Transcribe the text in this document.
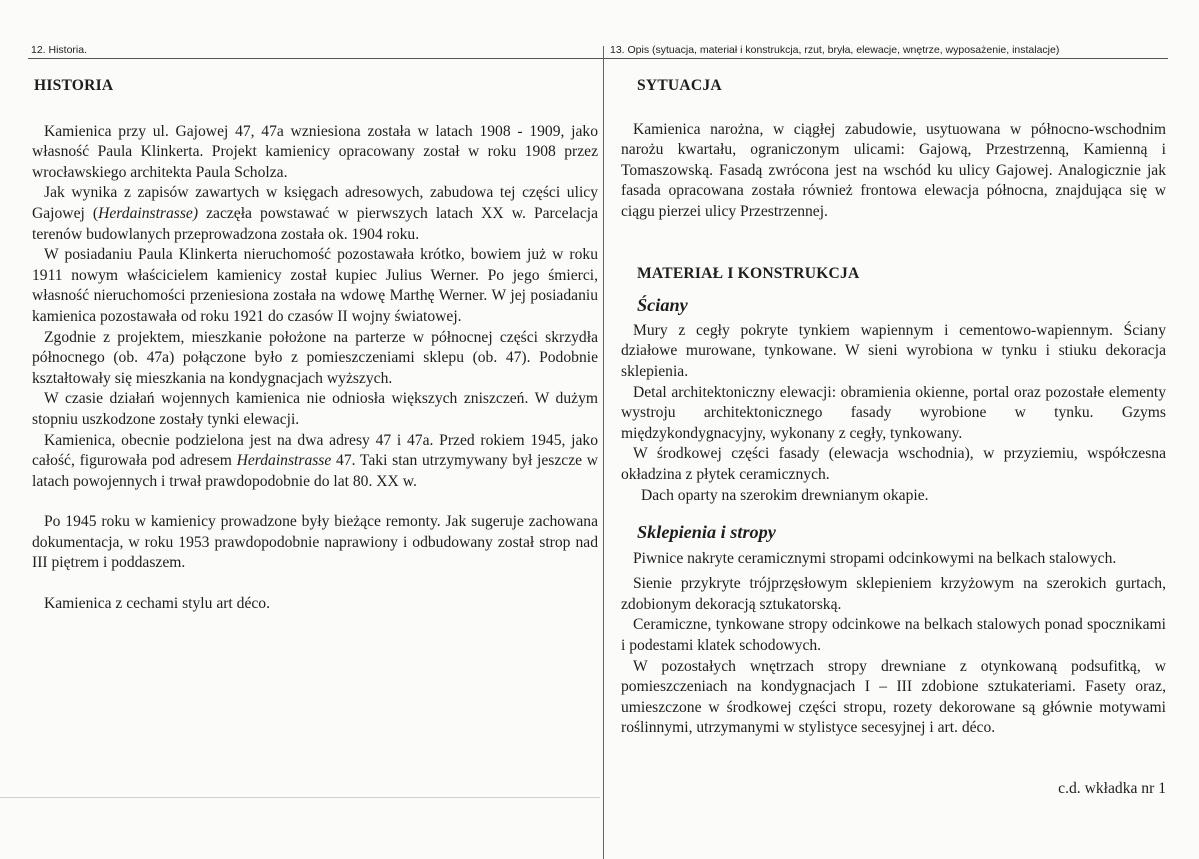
12. Historia.	13. Opis (sytuacja, materiał i konstrukcja, rzut, bryła, elewacje, wnętrze, wyposażenie, instalacje)
HISTORIA

Kamienica przy ul. Gajowej 47, 47a wzniesiona została w latach 1908 - 1909, jako własność Paula Klinkerta. Projekt kamienicy opracowany został w roku 1908 przez wrocławskiego architekta Paula Scholza.

Jak wynika z zapisów zawartych w księgach adresowych, zabudowa tej części ulicy Gajowej (Herdainstrasse) zaczęła powstawać w pierwszych latach XX w. Parcelacja terenów budowlanych przeprowadzona została ok. 1904 roku.

W posiadaniu Paula Klinkerta nieruchomość pozostawała krótko, bowiem już w roku 1911 nowym właścicielem kamienicy został kupiec Julius Werner. Po jego śmierci, własność nieruchomości przeniesiona została na wdowę Marthę Werner. W jej posiadaniu kamienica pozostawała od roku 1921 do czasów II wojny światowej.

Zgodnie z projektem, mieszkanie położone na parterze w północnej części skrzydła północnego (ob. 47a) połączone było z pomieszczeniami sklepu (ob. 47). Podobnie kształtowały się mieszkania na kondygnacjach wyższych.

W czasie działań wojennych kamienica nie odniosła większych zniszczeń. W dużym stopniu uszkodzone zostały tynki elewacji.

Kamienica, obecnie podzielona jest na dwa adresy 47 i 47a. Przed rokiem 1945, jako całość, figurowała pod adresem Herdainstrasse 47. Taki stan utrzymywany był jeszcze w latach powojennych i trwał prawdopodobnie do lat 80. XX w.

Po 1945 roku w kamienicy prowadzone były bieżące remonty. Jak sugeruje zachowana dokumentacja, w roku 1953 prawdopodobnie naprawiony i odbudowany został strop nad III piętrem i poddaszem.

Kamienica z cechami stylu art déco.

SYTUACJA

Kamienica narożna, w ciągłej zabudowie, usytuowana w północno-wschodnim narożu kwartału, ograniczonym ulicami: Gajową, Przestrzenną, Kamienną i Tomaszowską. Fasadą zwrócona jest na wschód ku ulicy Gajowej. Analogicznie jak fasada opracowana została również frontowa elewacja północna, znajdująca się w ciągu pierzei ulicy Przestrzennej.

MATERIAŁ I KONSTRUKCJA
Ściany

Mury z cegły pokryte tynkiem wapiennym i cementowo-wapiennym. Ściany działowe murowane, tynkowane. W sieni wyrobiona w tynku i stiuku dekoracja sklepienia.

Detal architektoniczny elewacji: obramienia okienne, portal oraz pozostałe elementy wystroju architektonicznego fasady wyrobione w tynku. Gzyms międzykondygnacyjny, wykonany z cegły, tynkowany.

W środkowej części fasady (elewacja wschodnia), w przyziemiu, współczesna okładzina z płytek ceramicznych.

Dach oparty na szerokim drewnianym okapie.

Sklepienia i stropy

Piwnice nakryte ceramicznymi stropami odcinkowymi na belkach stalowych.

Sienie przykryte trójprzęsłowym sklepieniem krzyżowym na szerokich gurtach, zdobionym dekoracją sztukatorską.

Ceramiczne, tynkowane stropy odcinkowe na belkach stalowych ponad spocznikami i podestami klatek schodowych.

W pozostałych wnętrzach stropy drewniane z otynkowaną podsufitką, w pomieszczeniach na kondygnacjach I – III zdobione sztukateriami. Fasety oraz, umieszczone w środkowej części stropu, rozety dekorowane są głównie motywami roślinnymi, utrzymanymi w stylistyce secesyjnej i art. déco.

c.d. wkładka nr 1
